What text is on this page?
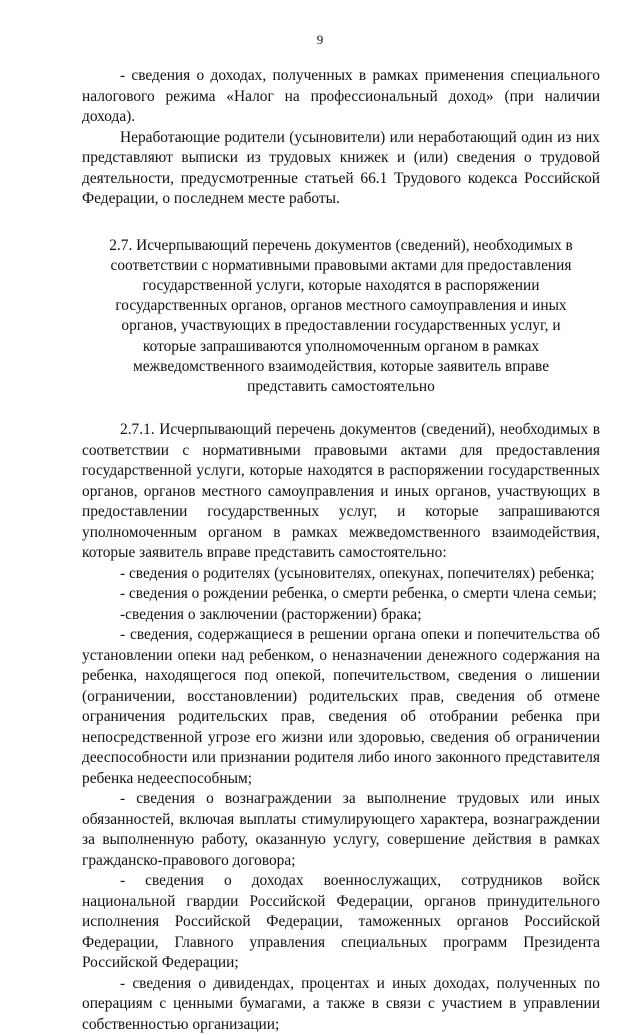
9

- сведения о доходах, полученных в рамках применения специального налогового режима «Налог на профессиональный доход» (при наличии дохода).

Неработающие родители (усыновители) или неработающий один из них представляют выписки из трудовых книжек и (или) сведения о трудовой деятельности, предусмотренные статьей 66.1 Трудового кодекса Российской Федерации, о последнем месте работы.

2.7. Исчерпывающий перечень документов (сведений), необходимых в соответствии с нормативными правовыми актами для предоставления государственной услуги, которые находятся в распоряжении государственных органов, органов местного самоуправления и иных органов, участвующих в предоставлении государственных услуг, и которые запрашиваются уполномоченным органом в рамках межведомственного взаимодействия, которые заявитель вправе представить самостоятельно

2.7.1. Исчерпывающий перечень документов (сведений), необходимых в соответствии с нормативными правовыми актами для предоставления государственной услуги, которые находятся в распоряжении государственных органов, органов местного самоуправления и иных органов, участвующих в предоставлении государственных услуг, и которые запрашиваются уполномоченным органом в рамках межведомственного взаимодействия, которые заявитель вправе представить самостоятельно:

- сведения о родителях (усыновителях, опекунах, попечителях) ребенка;

- сведения о рождении ребенка, о смерти ребенка, о смерти члена семьи;

-сведения о заключении (расторжении) брака;

- сведения, содержащиеся в решении органа опеки и попечительства об установлении опеки над ребенком, о неназначении денежного содержания на ребенка, находящегося под опекой, попечительством, сведения о лишении (ограничении, восстановлении) родительских прав, сведения об отмене ограничения родительских прав, сведения об отобрании ребенка при непосредственной угрозе его жизни или здоровью, сведения об ограничении дееспособности или признании родителя либо иного законного представителя ребенка недееспособным;

- сведения о вознаграждении за выполнение трудовых или иных обязанностей, включая выплаты стимулирующего характера, вознаграждении за выполненную работу, оказанную услугу, совершение действия в рамках гражданско-правового договора;

- сведения о доходах военнослужащих, сотрудников войск национальной гвардии Российской Федерации, органов принудительного исполнения Российской Федерации, таможенных органов Российской Федерации, Главного управления специальных программ Президента Российской Федерации;

- сведения о дивидендах, процентах и иных доходах, полученных по операциям с ценными бумагами, а также в связи с участием в управлении собственностью организации;
